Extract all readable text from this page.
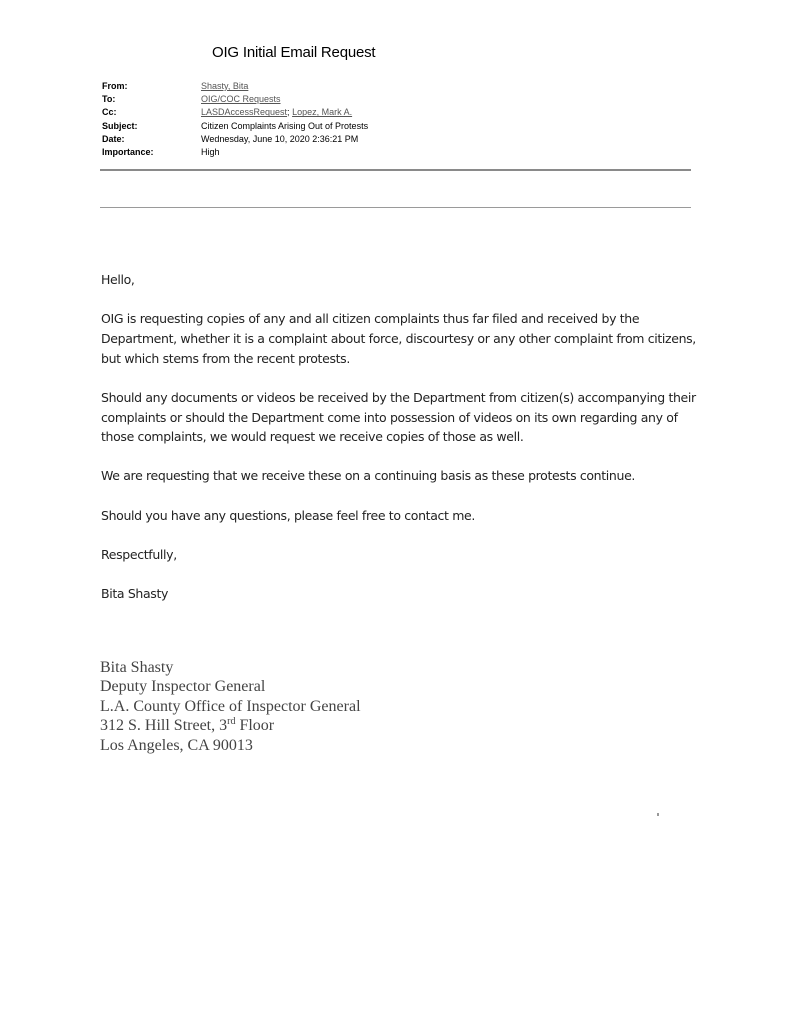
OIG Initial Email Request
From:	Shasty, Bita
To:	OIG/COC Requests
Cc:	LASDAccessRequest; Lopez, Mark A.
Subject:	Citizen Complaints Arising Out of Protests
Date:	Wednesday, June 10, 2020 2:36:21 PM
Importance:	High

Hello,

OIG is requesting copies of any and all citizen complaints thus far filed and received by the Department, whether it is a complaint about force, discourtesy or any other complaint from citizens, but which stems from the recent protests.

Should any documents or videos be received by the Department from citizen(s) accompanying their complaints or should the Department come into possession of videos on its own regarding any of those complaints, we would request we receive copies of those as well.

We are requesting that we receive these on a continuing basis as these protests continue.

Should you have any questions, please feel free to contact me.

Respectfully,

Bita Shasty

Bita Shasty
Deputy Inspector General
L.A. County Office of Inspector General
312 S. Hill Street, 3rd Floor
Los Angeles, CA 90013
